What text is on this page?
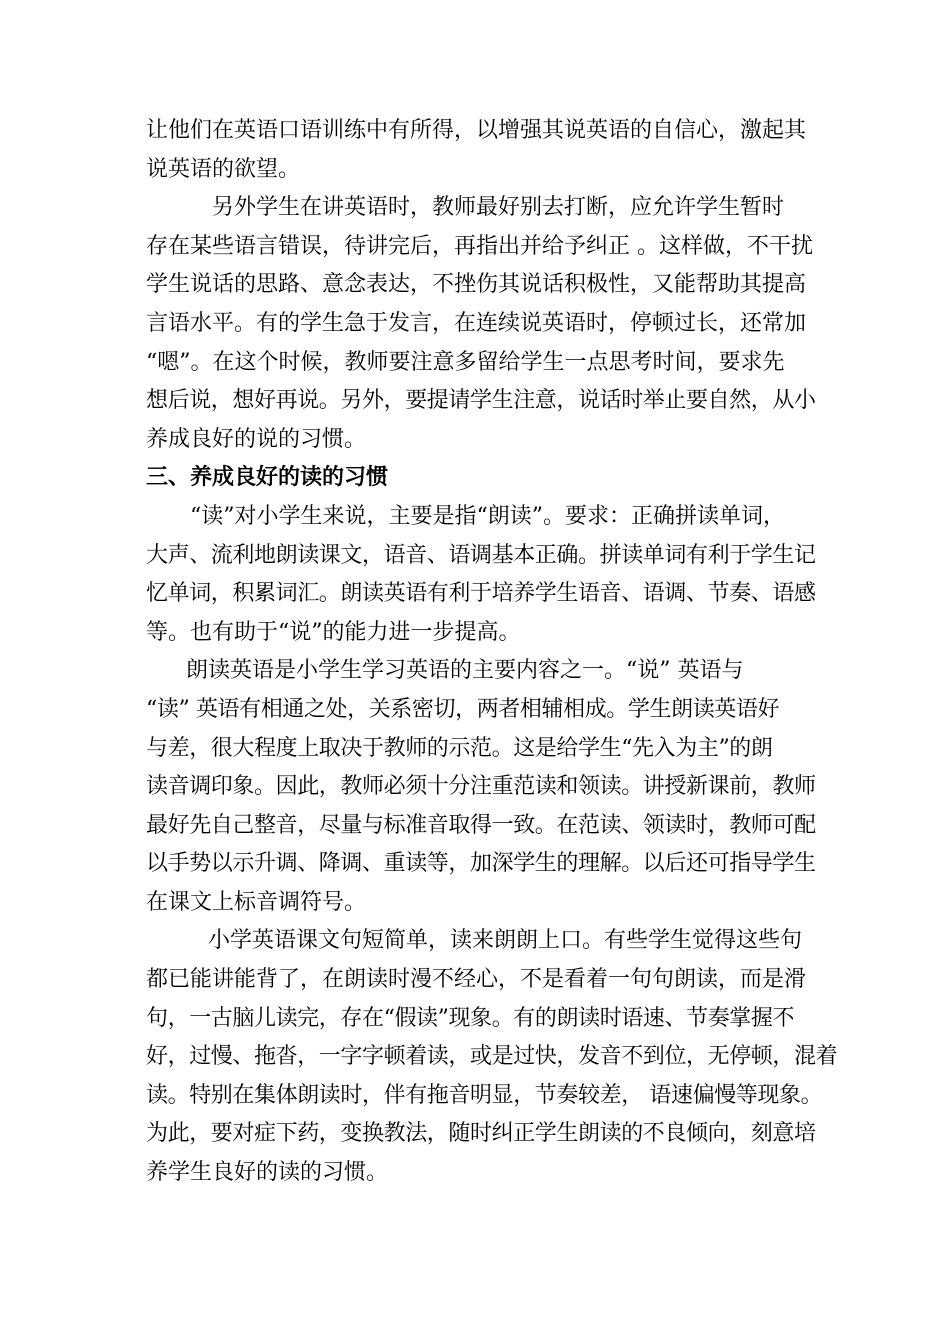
让他们在英语口语训练中有所得，以增强其说英语的自信心，激起其
说英语的欲望。
另外学生在讲英语时，教师最好别去打断，应允许学生暂时
存在某些语言错误，待讲完后，再指出并给予纠正 。这样做，不干扰
学生说话的思路、意念表达，不挫伤其说话积极性，又能帮助其提高
言语水平。有的学生急于发言，在连续说英语时，停顿过长，还常加
“嗯”。在这个时候，教师要注意多留给学生一点思考时间，要求先
想后说，想好再说。另外，要提请学生注意，说话时举止要自然，从小
养成良好的说的习惯。
三、养成良好的读的习惯
“读”对小学生来说，主要是指“朗读”。要求：正确拼读单词，
大声、流利地朗读课文，语音、语调基本正确。拼读单词有利于学生记
忆单词，积累词汇。朗读英语有利于培养学生语音、语调、节奏、语感
等。也有助于“说”的能力进一步提高。
朗读英语是小学生学习英语的主要内容之一。“说” 英语与
“读” 英语有相通之处，关系密切，两者相辅相成。学生朗读英语好
与差，很大程度上取决于教师的示范。这是给学生“先入为主”的朗
读音调印象。因此，教师必须十分注重范读和领读。讲授新课前，教师
最好先自己整音，尽量与标准音取得一致。在范读、领读时，教师可配
以手势以示升调、降调、重读等，加深学生的理解。以后还可指导学生
在课文上标音调符号。
小学英语课文句短简单，读来朗朗上口。有些学生觉得这些句
都已能讲能背了，在朗读时漫不经心，不是看着一句句朗读，而是滑
句，一古脑儿读完，存在“假读”现象。有的朗读时语速、节奏掌握不
好，过慢、拖沓，一字字顿着读，或是过快，发音不到位，无停顿，混着
读。特别在集体朗读时，伴有拖音明显，节奏较差， 语速偏慢等现象。
为此，要对症下药，变换教法，随时纠正学生朗读的不良倾向，刻意培
养学生良好的读的习惯。
